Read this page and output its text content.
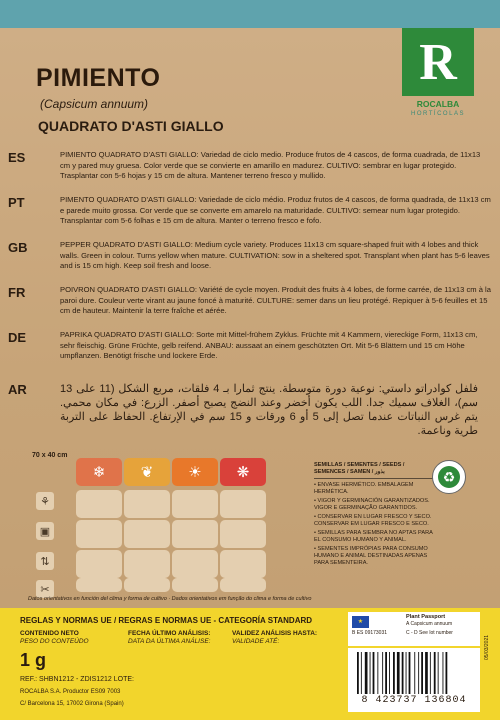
PIMIENTO
(Capsicum annuum)
QUADRATO D'ASTI GIALLO
R
ROCALBA
HORTÍCOLAS
ES	PIMIENTO QUADRATO D'ASTI GIALLO: Variedad de ciclo medio. Produce frutos de 4 cascos, de forma cuadrada, de 11x13 cm y pared muy gruesa. Color verde que se convierte en amarillo en madurez. CULTIVO: sembrar en lugar protegido. Trasplantar con 5-6 hojas y 15 cm de altura. Mantener terreno fresco y mullido.
PT	PIMENTO QUADRATO D'ASTI GIALLO: Variedade de ciclo médio. Produz frutos de 4 cascos, de forma quadrada, de 11x13 cm e parede muito grossa. Cor verde que se converte em amarelo na maturidade. CULTIVO: semear num lugar protegido. Transplantar com 5-6 folhas e 15 cm de altura. Manter o terreno fresco e fofo.
GB	PEPPER QUADRATO D'ASTI GIALLO: Medium cycle variety. Produces 11x13 cm square-shaped fruit with 4 lobes and thick walls. Green in colour. Turns yellow when mature. CULTIVATION: sow in a sheltered spot. Transplant when plant has 5-6 leaves and is 15 cm high. Keep soil fresh and loose.
FR	POIVRON QUADRATO D'ASTI GIALLO: Variété de cycle moyen. Produit des fruits à 4 lobes, de forme carrée, de 11x13 cm à la paroi dure. Couleur verte virant au jaune foncé à maturité. CULTURE: semer dans un lieu protégé. Repiquer à 5-6 feuilles et 15 cm de hauteur. Maintenir la terre fraîche et aérée.
DE	PAPRIKA QUADRATO D'ASTI GIALLO: Sorte mit Mittel-frühem Zyklus. Früchte mit 4 Kammern, viereckige Form, 11x13 cm, sehr fleischig. Grüne Früchte, gelb reifend. ANBAU: aussaat an einem geschützten Ort. Mit 5-6 Blättern und 15 cm Höhe umpflanzen. Benötigt frische und lockere Erde.
AR	فلفل كوادراتو داستي: نوعية دورة متوسطة. ينتج ثمارا بـ 4 فلقات، مربع الشكل (11 على 13 سم)، الغلاف سميك جدا. اللب يكون أخضر وعند النضج يصبح أصفر. الزرع: في مكان محمي. يتم غرس النباتات عندما تصل إلى 5 أو 6 ورقات و 15 سم في الإرتفاع. الحفاظ على التربة طرية وناعمة.
70 x 40 cm
❄	❦	☀	❋
⚘
▣
⇅
✂
SEMILLAS / SEMENTES / SEEDS / SEMENCES / SAMEN / بذور
• ENVASE HERMÉTICO. EMBALAGEM HERMÉTICA.
• VIGOR Y GERMINACIÓN GARANTIZADOS. VIGOR E GERMINAÇÃO GARANTIDOS.
• CONSERVAR EN LUGAR FRESCO Y SECO. CONSERVAR EM LUGAR FRESCO E SECO.
• SEMILLAS PARA SIEMBRA NO APTAS PARA EL CONSUMO HUMANO Y ANIMAL.
• SEMENTES IMPRÓPIAS PARA CONSUMO HUMANO E ANIMAL DESTINADAS APENAS PARA SEMENTEIRA.
♻
Datos orientativos en función del clima y forma de cultivo · Dados orientativos em função do clima e forma de cultivo
REGLAS Y NORMAS UE / REGRAS E NORMAS UE - CATEGORÍA STANDARD
CONTENIDO NETO
PESO DO CONTEÚDO
1 g
FECHA ÚLTIMO ANÁLISIS:
DATA DA ÚLTIMA ANÁLISE:
VALIDEZ ANÁLISIS HASTA:
VALIDADE ATÉ:
REF.: SHBN1212 - ZDIS1212 LOTE:
ROCALBA S.A. Productor ES09 7003
C/ Barcelona 15, 17002 Girona (Spain)
★
Plant Passport
A Capsicum annuum
B ES 09173031	C - D See lot number
8 423737 136804
05/03/2021
